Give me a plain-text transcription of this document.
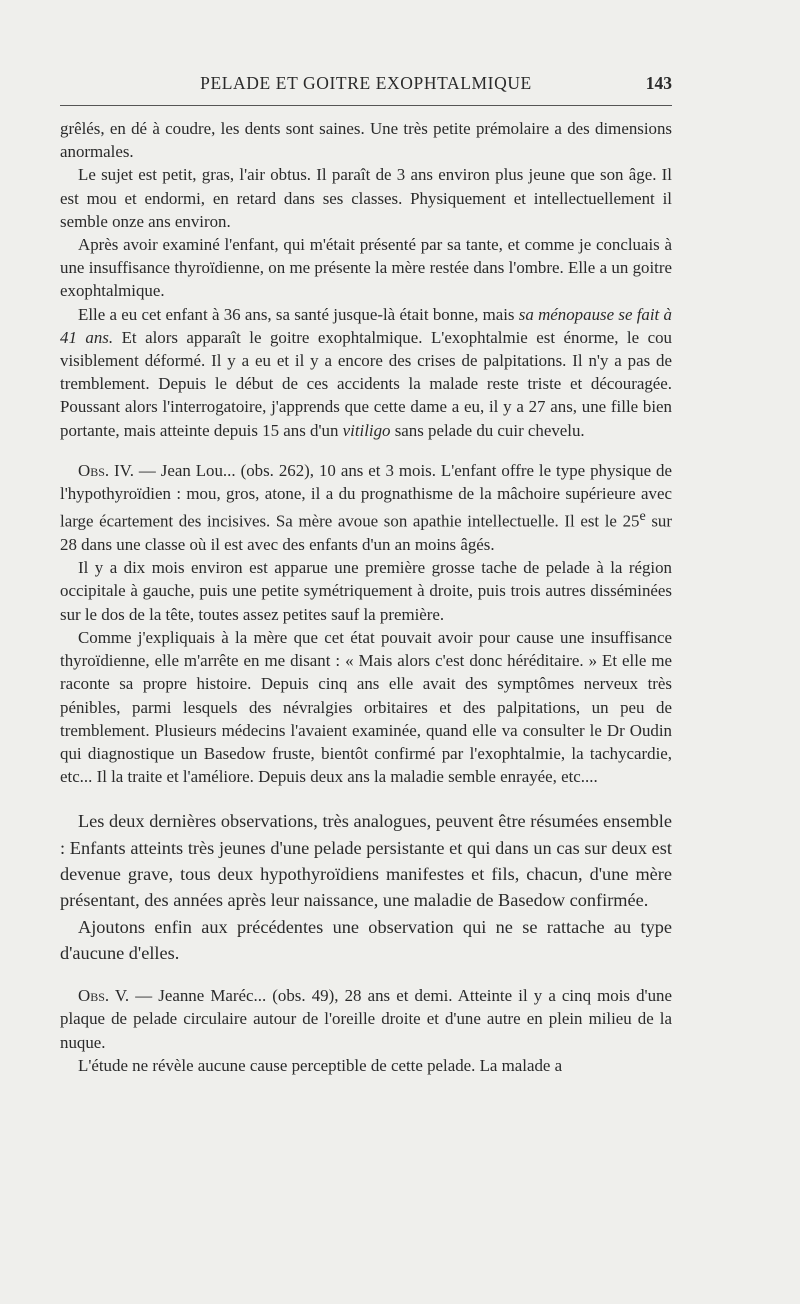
PELADE ET GOITRE EXOPHTALMIQUE	143

grêlés, en dé à coudre, les dents sont saines. Une très petite prémolaire a des dimensions anormales.

Le sujet est petit, gras, l'air obtus. Il paraît de 3 ans environ plus jeune que son âge. Il est mou et endormi, en retard dans ses classes. Physiquement et intellectuellement il semble onze ans environ.

Après avoir examiné l'enfant, qui m'était présenté par sa tante, et comme je concluais à une insuffisance thyroïdienne, on me présente la mère restée dans l'ombre. Elle a un goitre exophtalmique.

Elle a eu cet enfant à 36 ans, sa santé jusque-là était bonne, mais sa ménopause se fait à 41 ans. Et alors apparaît le goitre exophtalmique. L'exophtalmie est énorme, le cou visiblement déformé. Il y a eu et il y a encore des crises de palpitations. Il n'y a pas de tremblement. Depuis le début de ces accidents la malade reste triste et découragée. Poussant alors l'interrogatoire, j'apprends que cette dame a eu, il y a 27 ans, une fille bien portante, mais atteinte depuis 15 ans d'un vitiligo sans pelade du cuir chevelu.

Obs. IV. — Jean Lou... (obs. 262), 10 ans et 3 mois. L'enfant offre le type physique de l'hypothyroïdien : mou, gros, atone, il a du prognathisme de la mâchoire supérieure avec large écartement des incisives. Sa mère avoue son apathie intellectuelle. Il est le 25e sur 28 dans une classe où il est avec des enfants d'un an moins âgés.

Il y a dix mois environ est apparue une première grosse tache de pelade à la région occipitale à gauche, puis une petite symétriquement à droite, puis trois autres disséminées sur le dos de la tête, toutes assez petites sauf la première.

Comme j'expliquais à la mère que cet état pouvait avoir pour cause une insuffisance thyroïdienne, elle m'arrête en me disant : « Mais alors c'est donc héréditaire. » Et elle me raconte sa propre histoire. Depuis cinq ans elle avait des symptômes nerveux très pénibles, parmi lesquels des névralgies orbitaires et des palpitations, un peu de tremblement. Plusieurs médecins l'avaient examinée, quand elle va consulter le Dr Oudin qui diagnostique un Basedow fruste, bientôt confirmé par l'exophtalmie, la tachycardie, etc... Il la traite et l'améliore. Depuis deux ans la maladie semble enrayée, etc....

Les deux dernières observations, très analogues, peuvent être résumées ensemble : Enfants atteints très jeunes d'une pelade persistante et qui dans un cas sur deux est devenue grave, tous deux hypothyroïdiens manifestes et fils, chacun, d'une mère présentant, des années après leur naissance, une maladie de Basedow confirmée.

Ajoutons enfin aux précédentes une observation qui ne se rattache au type d'aucune d'elles.

Obs. V. — Jeanne Maréc... (obs. 49), 28 ans et demi. Atteinte il y a cinq mois d'une plaque de pelade circulaire autour de l'oreille droite et d'une autre en plein milieu de la nuque.

L'étude ne révèle aucune cause perceptible de cette pelade. La malade a
